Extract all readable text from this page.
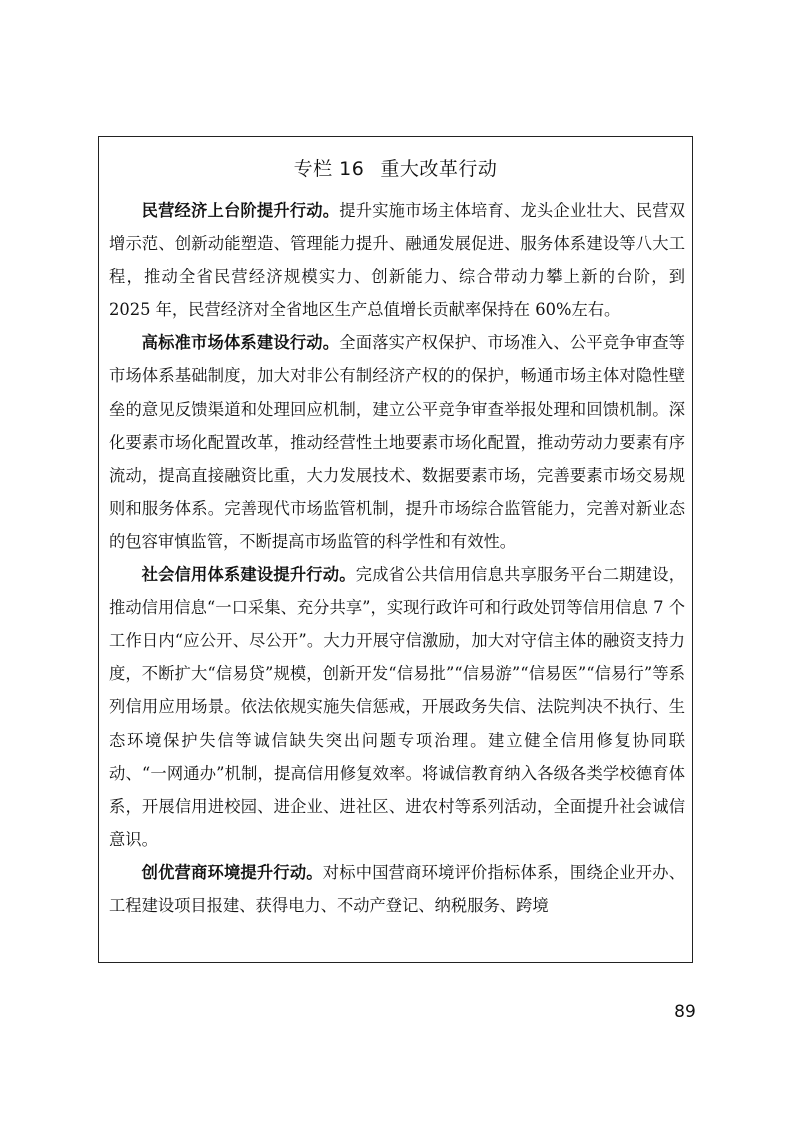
专栏 16 重大改革行动

民营经济上台阶提升行动。提升实施市场主体培育、龙头企业壮大、民营双增示范、创新动能塑造、管理能力提升、融通发展促进、服务体系建设等八大工程，推动全省民营经济规模实力、创新能力、综合带动力攀上新的台阶，到 2025 年，民营经济对全省地区生产总值增长贡献率保持在 60%左右。

高标准市场体系建设行动。全面落实产权保护、市场准入、公平竞争审查等市场体系基础制度，加大对非公有制经济产权的的保护，畅通市场主体对隐性壁垒的意见反馈渠道和处理回应机制，建立公平竞争审查举报处理和回馈机制。深化要素市场化配置改革，推动经营性土地要素市场化配置，推动劳动力要素有序流动，提高直接融资比重，大力发展技术、数据要素市场，完善要素市场交易规则和服务体系。完善现代市场监管机制，提升市场综合监管能力，完善对新业态的包容审慎监管，不断提高市场监管的科学性和有效性。

社会信用体系建设提升行动。完成省公共信用信息共享服务平台二期建设，推动信用信息“一口采集、充分共享”，实现行政许可和行政处罚等信用信息 7 个工作日内“应公开、尽公开”。大力开展守信激励，加大对守信主体的融资支持力度，不断扩大“信易贷”规模，创新开发“信易批”“信易游”“信易医”“信易行”等系列信用应用场景。依法依规实施失信惩戒，开展政务失信、法院判决不执行、生态环境保护失信等诚信缺失突出问题专项治理。建立健全信用修复协同联动、“一网通办”机制，提高信用修复效率。将诚信教育纳入各级各类学校德育体系，开展信用进校园、进企业、进社区、进农村等系列活动，全面提升社会诚信意识。

创优营商环境提升行动。对标中国营商环境评价指标体系，围绕企业开办、工程建设项目报建、获得电力、不动产登记、纳税服务、跨境

89
